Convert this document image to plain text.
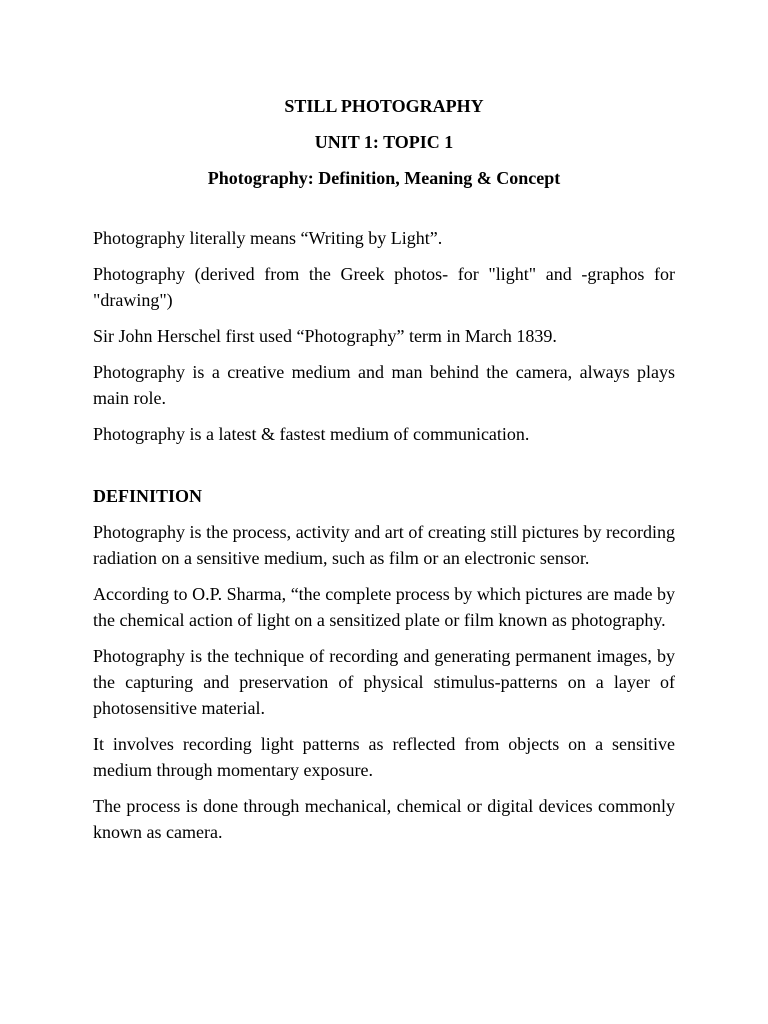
STILL PHOTOGRAPHY
UNIT 1: TOPIC 1
Photography: Definition, Meaning & Concept

Photography literally means “Writing by Light”.

Photography (derived from the Greek photos- for "light" and -graphos for "drawing")

Sir John Herschel first used “Photography” term in March 1839.

Photography is a creative medium and man behind the camera, always plays main role.

Photography is a latest & fastest medium of communication.

DEFINITION

Photography is the process, activity and art of creating still pictures by recording radiation on a sensitive medium, such as film or an electronic sensor.

According to O.P. Sharma, “the complete process by which pictures are made by the chemical action of light on a sensitized plate or film known as photography.

Photography is the technique of recording and generating permanent images, by the capturing and preservation of physical stimulus-patterns on a layer of photosensitive material.

It involves recording light patterns as reflected from objects on a sensitive medium through momentary exposure.

The process is done through mechanical, chemical or digital devices commonly known as camera.
